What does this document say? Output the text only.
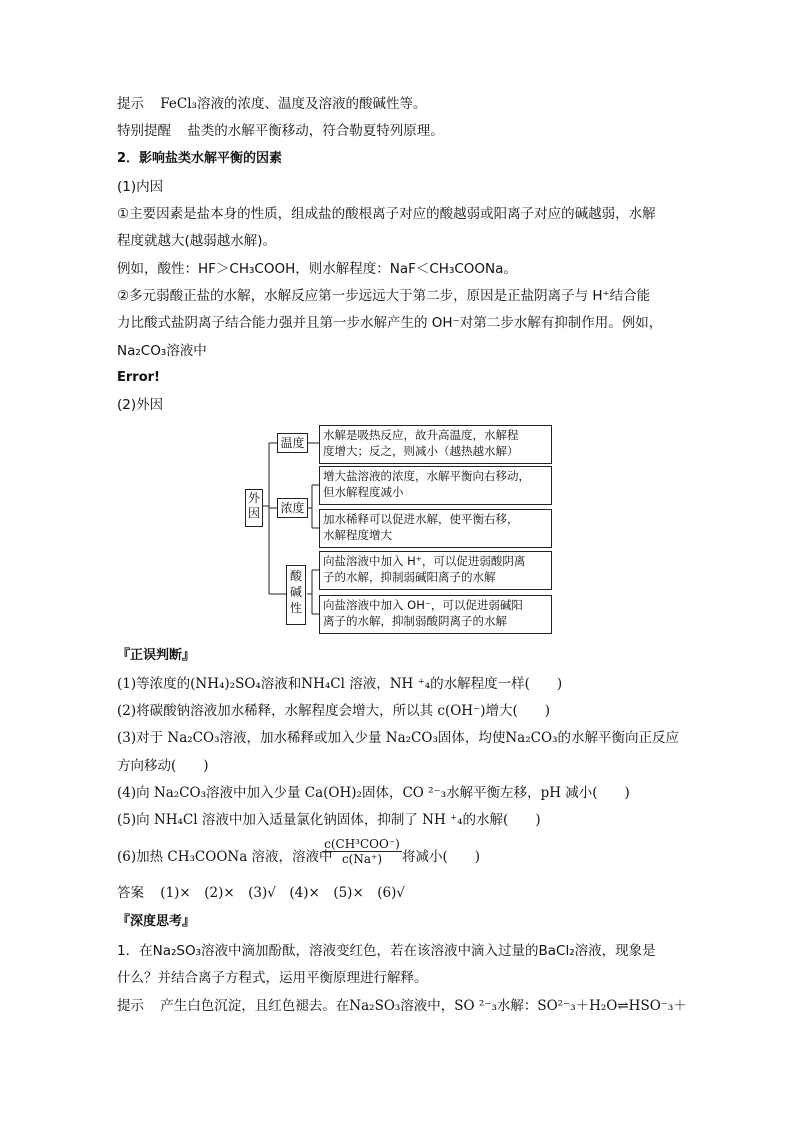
提示 FeCl₃溶液的浓度、温度及溶液的酸碱性等。
特别提醒 盐类的水解平衡移动，符合勒夏特列原理。
2．影响盐类水解平衡的因素
(1)内因
①主要因素是盐本身的性质，组成盐的酸根离子对应的酸越弱或阳离子对应的碱越弱，水解
程度就越大(越弱越水解)。
例如，酸性：HF＞CH₃COOH，则水解程度：NaF＜CH₃COONa。
②多元弱酸正盐的水解，水解反应第一步远远大于第二步，原因是正盐阴离子与 H⁺结合能
力比酸式盐阴离子结合能力强并且第一步水解产生的 OH⁻对第二步水解有抑制作用。例如，
Na₂CO₃溶液中
Error!
(2)外因
外因
温度
浓度
酸碱性
水解是吸热反应，故升高温度，水解程
度增大；反之，则减小（越热越水解）
增大盐溶液的浓度，水解平衡向右移动，
但水解程度减小
加水稀释可以促进水解，使平衡右移，
水解程度增大
向盐溶液中加入 H⁺，可以促进弱酸阴离
子的水解，抑制弱碱阳离子的水解
向盐溶液中加入 OH⁻，可以促进弱碱阳
离子的水解，抑制弱酸阴离子的水解
『正误判断』
(1)等浓度的(NH₄)₂SO₄溶液和NH₄Cl 溶液，NH ⁺₄的水解程度一样(　　)
(2)将碳酸钠溶液加水稀释，水解程度会增大，所以其 c(OH⁻)增大(　　)
(3)对于 Na₂CO₃溶液，加水稀释或加入少量 Na₂CO₃固体，均使Na₂CO₃的水解平衡向正反应
方向移动(　　)
(4)向 Na₂CO₃溶液中加入少量 Ca(OH)₂固体，CO ²⁻₃水解平衡左移，pH 减小(　　)
(5)向 NH₄Cl 溶液中加入适量氯化钠固体，抑制了 NH ⁺₄的水解(　　)
(6)加热 CH₃COONa 溶液，溶液中
c(CH³COO⁻)
c(Na⁺)	将减小(　　)
答案 (1)×　(2)×　(3)√　(4)×　(5)×　(6)√
『深度思考』
1．在Na₂SO₃溶液中滴加酚酞，溶液变红色，若在该溶液中滴入过量的BaCl₂溶液，现象是
什么？并结合离子方程式，运用平衡原理进行解释。
提示 产生白色沉淀，且红色褪去。在Na₂SO₃溶液中，SO ²⁻₃水解：SO²⁻₃＋H₂O⇌HSO⁻₃＋
